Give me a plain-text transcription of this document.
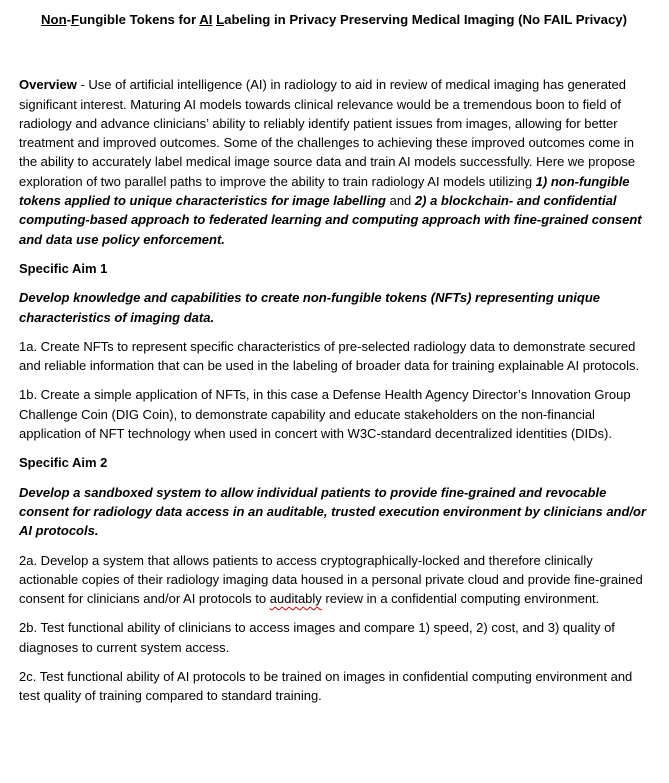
Non-Fungible Tokens for AI Labeling in Privacy Preserving Medical Imaging (No FAIL Privacy)

Overview - Use of artificial intelligence (AI) in radiology to aid in review of medical imaging has generated significant interest. Maturing AI models towards clinical relevance would be a tremendous boon to field of radiology and advance clinicians’ ability to reliably identify patient issues from images, allowing for better treatment and improved outcomes. Some of the challenges to achieving these improved outcomes come in the ability to accurately label medical image source data and train AI models successfully. Here we propose exploration of two parallel paths to improve the ability to train radiology AI models utilizing 1) non-fungible tokens applied to unique characteristics for image labelling and 2) a blockchain- and confidential computing-based approach to federated learning and computing approach with fine-grained consent and data use policy enforcement.

Specific Aim 1

Develop knowledge and capabilities to create non-fungible tokens (NFTs) representing unique characteristics of imaging data.

1a. Create NFTs to represent specific characteristics of pre-selected radiology data to demonstrate secured and reliable information that can be used in the labeling of broader data for training explainable AI protocols.

1b. Create a simple application of NFTs, in this case a Defense Health Agency Director’s Innovation Group Challenge Coin (DIG Coin), to demonstrate capability and educate stakeholders on the non-financial application of NFT technology when used in concert with W3C-standard decentralized identities (DIDs).

Specific Aim 2

Develop a sandboxed system to allow individual patients to provide fine-grained and revocable consent for radiology data access in an auditable, trusted execution environment by clinicians and/or AI protocols.

2a. Develop a system that allows patients to access cryptographically-locked and therefore clinically actionable copies of their radiology imaging data housed in a personal private cloud and provide fine-grained consent for clinicians and/or AI protocols to auditably review in a confidential computing environment.

2b. Test functional ability of clinicians to access images and compare 1) speed, 2) cost, and 3) quality of diagnoses to current system access.

2c. Test functional ability of AI protocols to be trained on images in confidential computing environment and test quality of training compared to standard training.
